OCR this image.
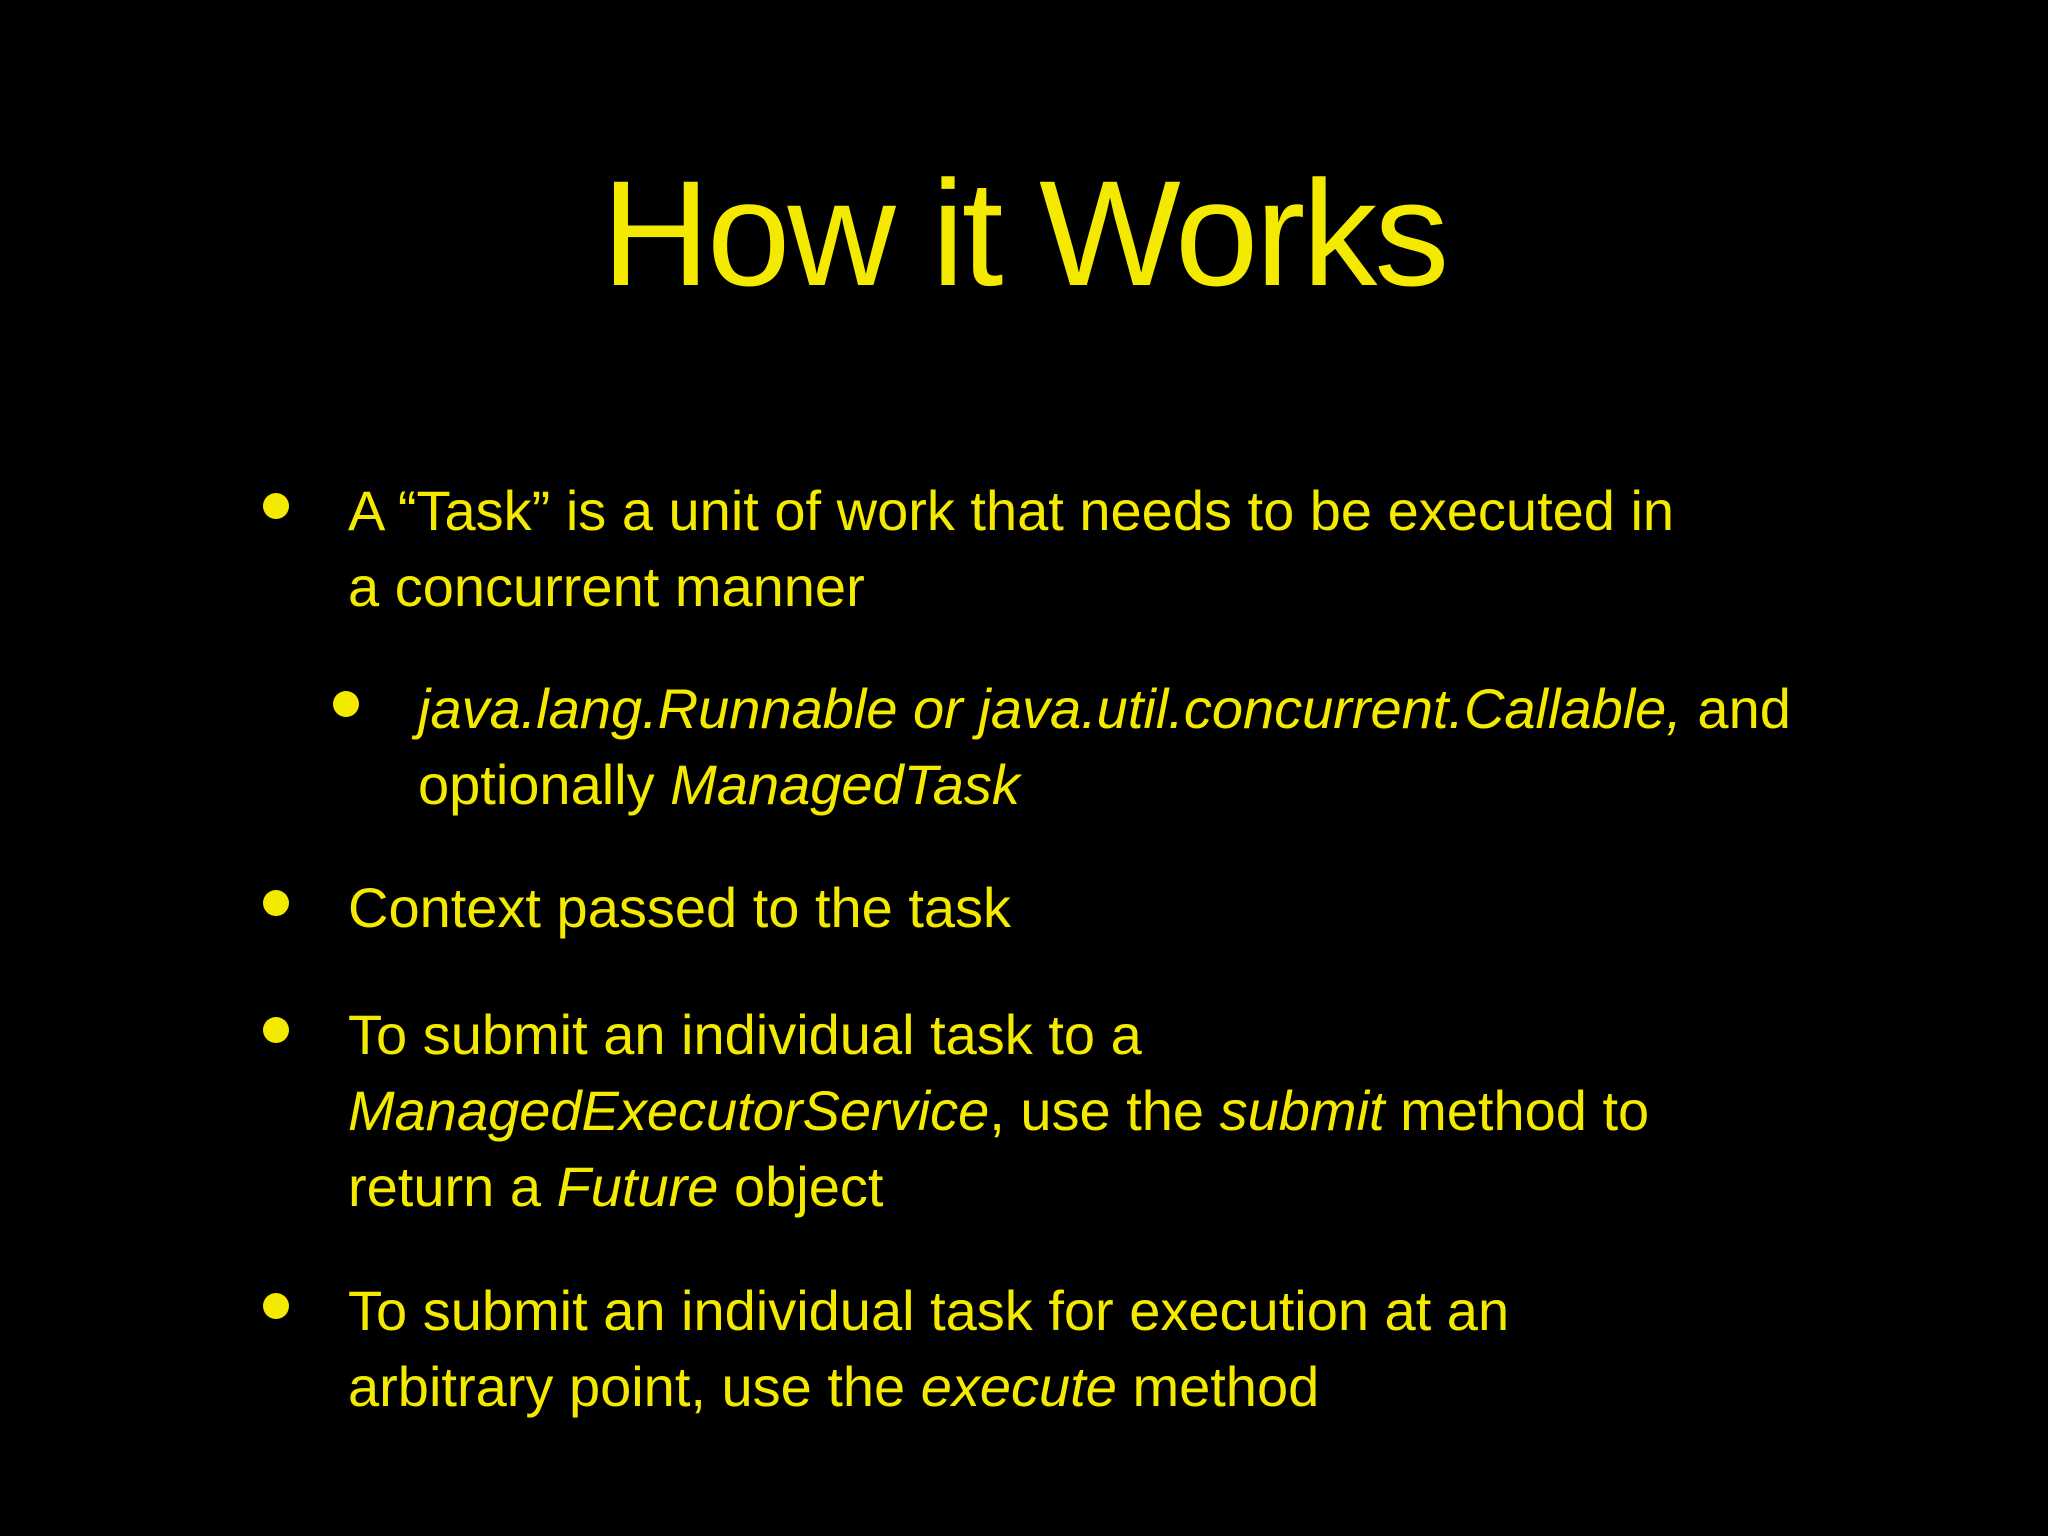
How it Works
A “Task” is a unit of work that needs to be executed in
a concurrent manner
java.lang.Runnable or java.util.concurrent.Callable, and
optionally ManagedTask
Context passed to the task
To submit an individual task to a
ManagedExecutorService, use the submit method to
return a Future object
To submit an individual task for execution at an
arbitrary point, use the execute method
